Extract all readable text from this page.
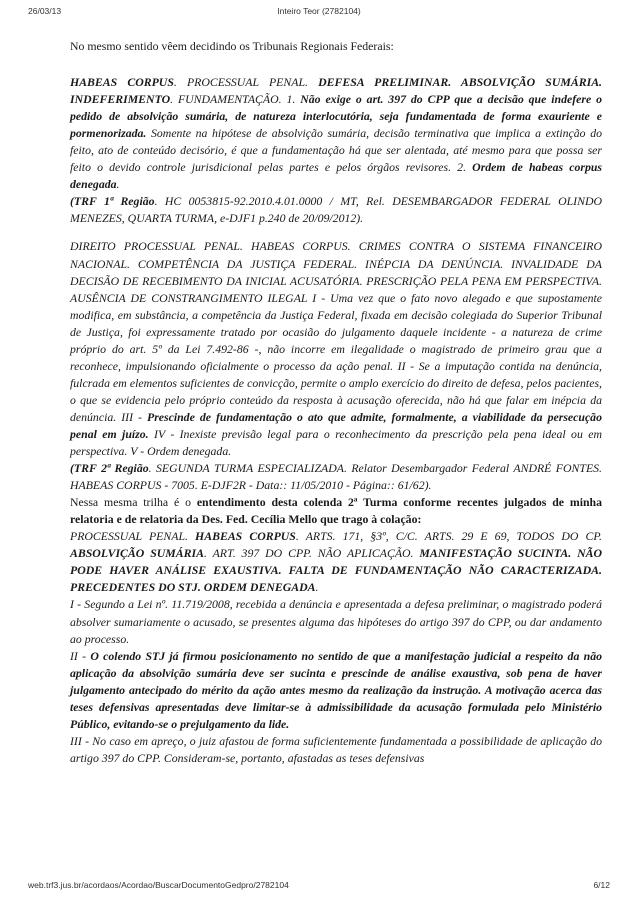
26/03/13	Inteiro Teor (2782104)

No mesmo sentido vêem decidindo os Tribunais Regionais Federais:

HABEAS CORPUS. PROCESSUAL PENAL. DEFESA PRELIMINAR. ABSOLVIÇÃO SUMÁRIA. INDEFERIMENTO. FUNDAMENTAÇÃO. 1. Não exige o art. 397 do CPP que a decisão que indefere o pedido de absolvição sumária, de natureza interlocutória, seja fundamentada de forma exauriente e pormenorizada. Somente na hipótese de absolvição sumária, decisão terminativa que implica a extinção do feito, ato de conteúdo decisório, é que a fundamentação há que ser alentada, até mesmo para que possa ser feito o devido controle jurisdicional pelas partes e pelos órgãos revisores. 2. Ordem de habeas corpus denegada.

(TRF 1ª Região. HC 0053815-92.2010.4.01.0000 / MT, Rel. DESEMBARGADOR FEDERAL OLINDO MENEZES, QUARTA TURMA, e-DJF1 p.240 de 20/09/2012).

DIREITO PROCESSUAL PENAL. HABEAS CORPUS. CRIMES CONTRA O SISTEMA FINANCEIRO NACIONAL. COMPETÊNCIA DA JUSTIÇA FEDERAL. INÉPCIA DA DENÚNCIA. INVALIDADE DA DECISÃO DE RECEBIMENTO DA INICIAL ACUSATÓRIA. PRESCRIÇÃO PELA PENA EM PERSPECTIVA. AUSÊNCIA DE CONSTRANGIMENTO ILEGAL I - Uma vez que o fato novo alegado e que supostamente modifica, em substância, a competência da Justiça Federal, fixada em decisão colegiada do Superior Tribunal de Justiça, foi expressamente tratado por ocasião do julgamento daquele incidente - a natureza de crime próprio do art. 5º da Lei 7.492-86 -, não incorre em ilegalidade o magistrado de primeiro grau que a reconhece, impulsionando oficialmente o processo da ação penal. II - Se a imputação contida na denúncia, fulcrada em elementos suficientes de convicção, permite o amplo exercício do direito de defesa, pelos pacientes, o que se evidencia pelo próprio conteúdo da resposta à acusação oferecida, não há que falar em inépcia da denúncia. III - Prescinde de fundamentação o ato que admite, formalmente, a viabilidade da persecução penal em juízo. IV - Inexiste previsão legal para o reconhecimento da prescrição pela pena ideal ou em perspectiva. V - Ordem denegada.

(TRF 2ª Região. SEGUNDA TURMA ESPECIALIZADA. Relator Desembargador Federal ANDRÉ FONTES. HABEAS CORPUS - 7005. E-DJF2R - Data:: 11/05/2010 - Página:: 61/62).

Nessa mesma trilha é o entendimento desta colenda 2ª Turma conforme recentes julgados de minha relatoria e de relatoria da Des. Fed. Cecília Mello que trago à colação:

PROCESSUAL PENAL. HABEAS CORPUS. ARTS. 171, §3º, C/C. ARTS. 29 E 69, TODOS DO CP. ABSOLVIÇÃO SUMÁRIA. ART. 397 DO CPP. NÃO APLICAÇÃO. MANIFESTAÇÃO SUCINTA. NÃO PODE HAVER ANÁLISE EXAUSTIVA. FALTA DE FUNDAMENTAÇÃO NÃO CARACTERIZADA. PRECEDENTES DO STJ. ORDEM DENEGADA.

I - Segundo a Lei nº. 11.719/2008, recebida a denúncia e apresentada a defesa preliminar, o magistrado poderá absolver sumariamente o acusado, se presentes alguma das hipóteses do artigo 397 do CPP, ou dar andamento ao processo.

II - O colendo STJ já firmou posicionamento no sentido de que a manifestação judicial a respeito da não aplicação da absolvição sumária deve ser sucinta e prescinde de análise exaustiva, sob pena de haver julgamento antecipado do mérito da ação antes mesmo da realização da instrução. A motivação acerca das teses defensivas apresentadas deve limitar-se à admissibilidade da acusação formulada pelo Ministério Público, evitando-se o prejulgamento da lide.

III - No caso em apreço, o juiz afastou de forma suficientemente fundamentada a possibilidade de aplicação do artigo 397 do CPP. Consideram-se, portanto, afastadas as teses defensivas

web.trf3.jus.br/acordaos/Acordao/BuscarDocumentoGedpro/2782104	6/12
